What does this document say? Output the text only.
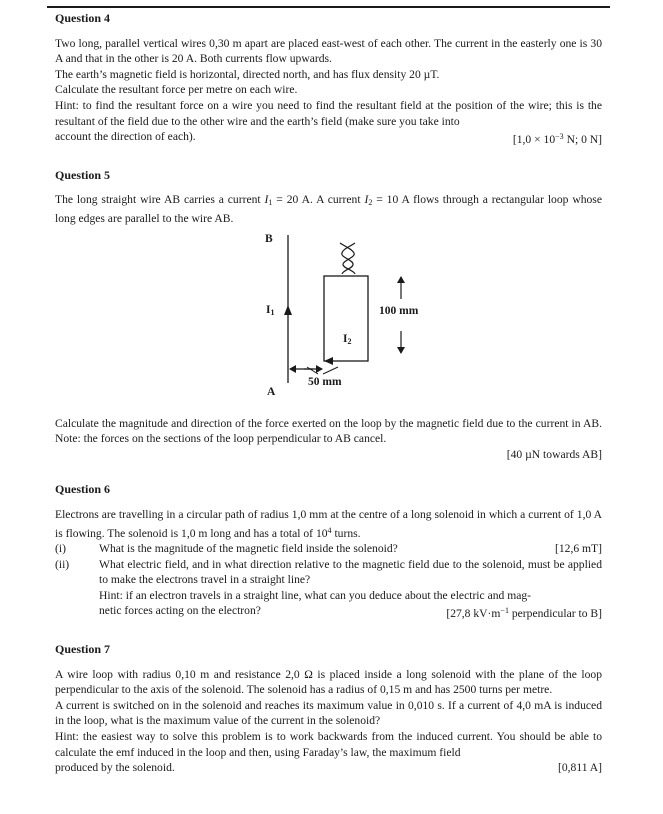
Question 4

Two long, parallel vertical wires 0,30 m apart are placed east-west of each other. The current in the easterly one is 30 A and that in the other is 20 A. Both currents flow upwards.

The earth’s magnetic field is horizontal, directed north, and has flux density 20 µT.

Calculate the resultant force per metre on each wire.

Hint: to find the resultant force on a wire you need to find the resultant field at the position of the wire; this is the resultant of the field due to the other wire and the earth’s field (make sure you take into

account the direction of each).	[$1,0 \times 10^{-3}$ N; 0 N]
Question 5

The long straight wire AB carries a current $I_1 = 20$ A. A current $I_2 = 10$ A flows through a rectangular loop whose long edges are parallel to the wire AB.

B
$I_1$	100 mm
$I_2$
50 mm
A

Calculate the magnitude and direction of the force exerted on the loop by the magnetic field due to the current in AB. Note: the forces on the sections of the loop perpendicular to AB cancel.

[40 µN towards AB]

Question 6

Electrons are travelling in a circular path of radius 1,0 mm at the centre of a long solenoid in which a current of 1,0 A is flowing. The solenoid is 1,0 m long and has a total of $10^4$ turns.

(i)	What is the magnitude of the magnetic field inside the solenoid?	[12,6 mT]
(ii)	What electric field, and in what direction relative to the magnetic field due to the solenoid, must be applied to make the electrons travel in a straight line?

Hint: if an electron travels in a straight line, what can you deduce about the electric and mag-

netic forces acting on the electron?	[27,8 $kV\cdot m^{-1}$ perpendicular to B]
Question 7

A wire loop with radius 0,10 m and resistance 2,0 Ω is placed inside a long solenoid with the plane of the loop perpendicular to the axis of the solenoid. The solenoid has a radius of 0,15 m and has 2500 turns per metre.

A current is switched on in the solenoid and reaches its maximum value in 0,010 s. If a current of 4,0 mA is induced in the loop, what is the maximum value of the current in the solenoid?

Hint: the easiest way to solve this problem is to work backwards from the induced current. You should be able to calculate the emf induced in the loop and then, using Faraday’s law, the maximum field

produced by the solenoid.	[0,811 A]
